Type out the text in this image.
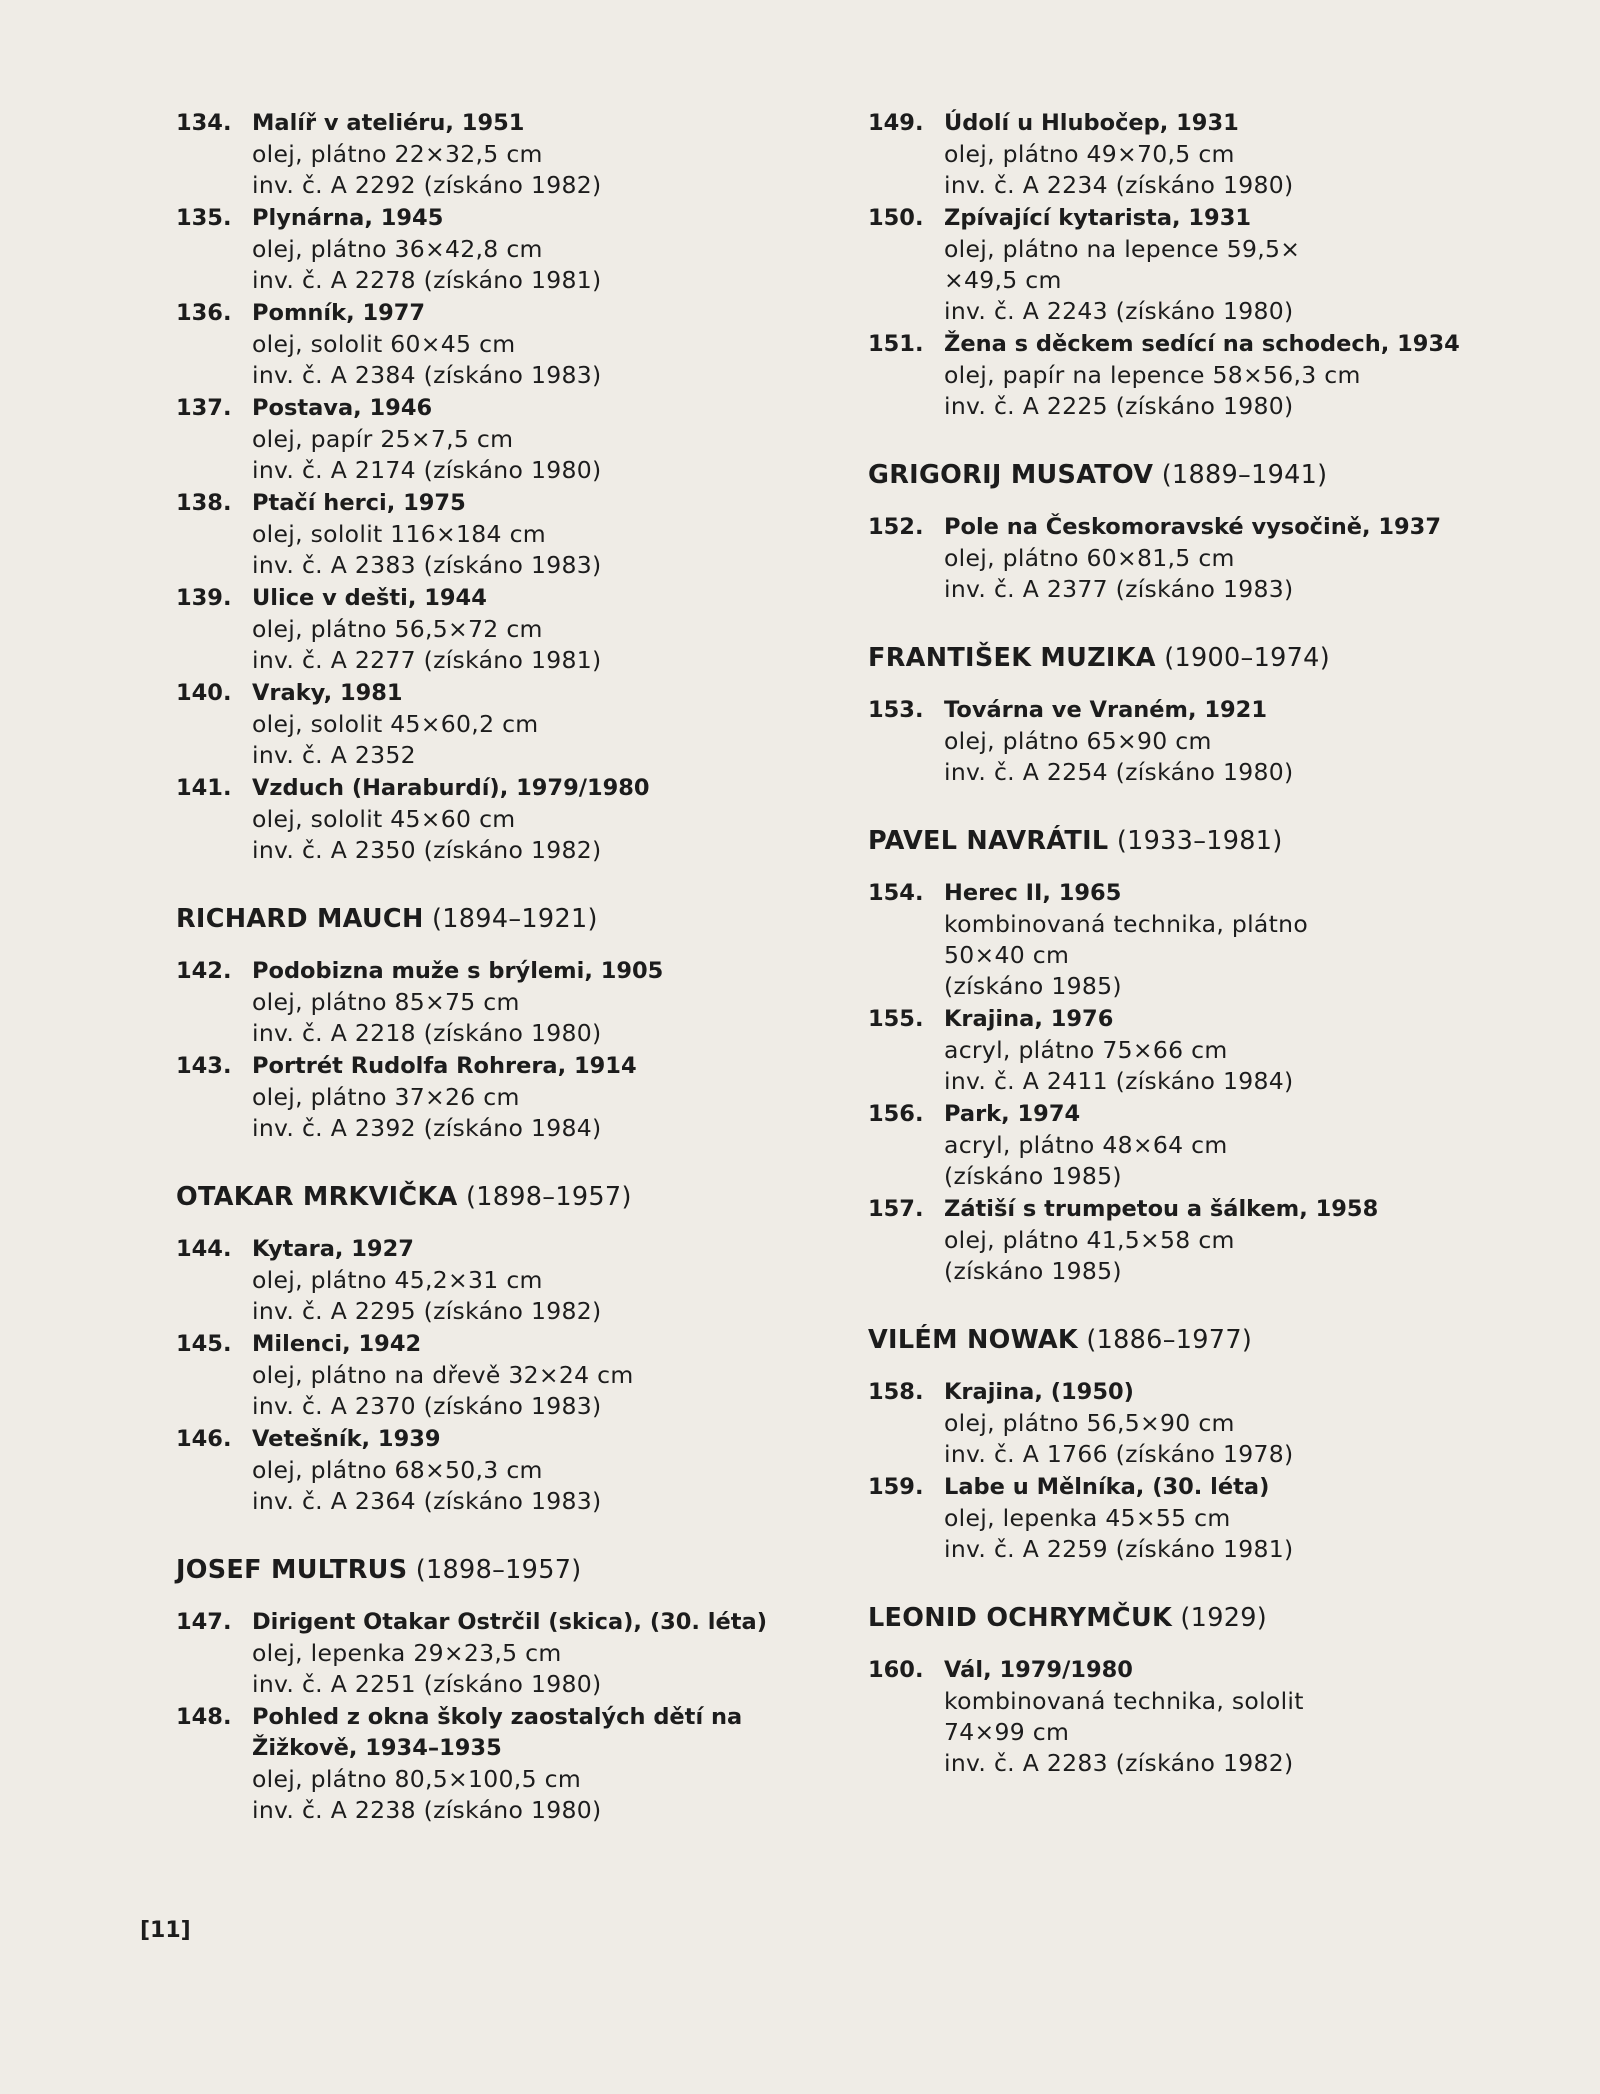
134. Malíř v ateliéru, 1951
olej, plátno 22×32,5 cm
inv. č. A 2292 (získáno 1982)
135. Plynárna, 1945
olej, plátno 36×42,8 cm
inv. č. A 2278 (získáno 1981)
136. Pomník, 1977
olej, sololit 60×45 cm
inv. č. A 2384 (získáno 1983)
137. Postava, 1946
olej, papír 25×7,5 cm
inv. č. A 2174 (získáno 1980)
138. Ptačí herci, 1975
olej, sololit 116×184 cm
inv. č. A 2383 (získáno 1983)
139. Ulice v dešti, 1944
olej, plátno 56,5×72 cm
inv. č. A 2277 (získáno 1981)
140. Vraky, 1981
olej, sololit 45×60,2 cm
inv. č. A 2352
141. Vzduch (Haraburdí), 1979/1980
olej, sololit 45×60 cm
inv. č. A 2350 (získáno 1982)
RICHARD MAUCH (1894–1921)
142. Podobizna muže s brýlemi, 1905
olej, plátno 85×75 cm
inv. č. A 2218 (získáno 1980)
143. Portrét Rudolfa Rohrera, 1914
olej, plátno 37×26 cm
inv. č. A 2392 (získáno 1984)
OTAKAR MRKVIČKA (1898–1957)
144. Kytara, 1927
olej, plátno 45,2×31 cm
inv. č. A 2295 (získáno 1982)
145. Milenci, 1942
olej, plátno na dřevě 32×24 cm
inv. č. A 2370 (získáno 1983)
146. Vetešník, 1939
olej, plátno 68×50,3 cm
inv. č. A 2364 (získáno 1983)
JOSEF MULTRUS (1898–1957)
147. Dirigent Otakar Ostrčil (skica), (30. léta)
olej, lepenka 29×23,5 cm
inv. č. A 2251 (získáno 1980)
148. Pohled z okna školy zaostalých dětí na Žižkově, 1934–1935
olej, plátno 80,5×100,5 cm
inv. č. A 2238 (získáno 1980)
149. Údolí u Hlubočep, 1931
olej, plátno 49×70,5 cm
inv. č. A 2234 (získáno 1980)
150. Zpívající kytarista, 1931
olej, plátno na lepence 59,5×
×49,5 cm
inv. č. A 2243 (získáno 1980)
151. Žena s děckem sedící na schodech, 1934
olej, papír na lepence 58×56,3 cm
inv. č. A 2225 (získáno 1980)
GRIGORIJ MUSATOV (1889–1941)
152. Pole na Českomoravské vysočině, 1937
olej, plátno 60×81,5 cm
inv. č. A 2377 (získáno 1983)
FRANTIŠEK MUZIKA (1900–1974)
153. Továrna ve Vraném, 1921
olej, plátno 65×90 cm
inv. č. A 2254 (získáno 1980)
PAVEL NAVRÁTIL (1933–1981)
154. Herec II, 1965
kombinovaná technika, plátno
50×40 cm
(získáno 1985)
155. Krajina, 1976
acryl, plátno 75×66 cm
inv. č. A 2411 (získáno 1984)
156. Park, 1974
acryl, plátno 48×64 cm
(získáno 1985)
157. Zátiší s trumpetou a šálkem, 1958
olej, plátno 41,5×58 cm
(získáno 1985)
VILÉM NOWAK (1886–1977)
158. Krajina, (1950)
olej, plátno 56,5×90 cm
inv. č. A 1766 (získáno 1978)
159. Labe u Mělníka, (30. léta)
olej, lepenka 45×55 cm
inv. č. A 2259 (získáno 1981)
LEONID OCHRYMČUK (1929)
160. Vál, 1979/1980
kombinovaná technika, sololit
74×99 cm
inv. č. A 2283 (získáno 1982)
[11]
